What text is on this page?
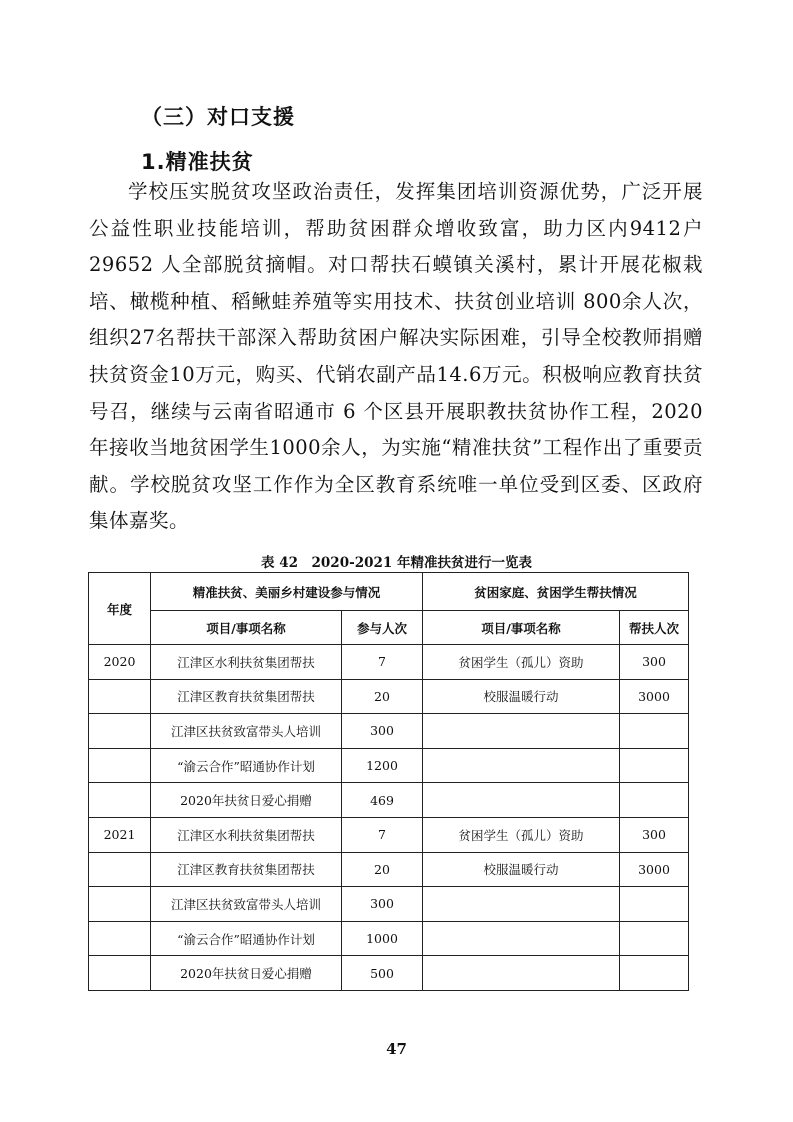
（三）对口支援
1.精准扶贫

学校压实脱贫攻坚政治责任，发挥集团培训资源优势，广泛开展公益性职业技能培训，帮助贫困群众增收致富，助力区内9412户 29652 人全部脱贫摘帽。对口帮扶石蟆镇关溪村，累计开展花椒栽培、橄榄种植、稻鳅蛙养殖等实用技术、扶贫创业培训 800余人次，组织27名帮扶干部深入帮助贫困户解决实际困难，引导全校教师捐赠扶贫资金10万元，购买、代销农副产品14.6万元。积极响应教育扶贫号召，继续与云南省昭通市 6 个区县开展职教扶贫协作工程，2020年接收当地贫困学生1000余人，为实施“精准扶贫”工程作出了重要贡献。学校脱贫攻坚工作作为全区教育系统唯一单位受到区委、区政府集体嘉奖。

表 42　2020-2021 年精准扶贫进行一览表
年度	精准扶贫、美丽乡村建设参与情况		贫困家庭、贫困学生帮扶情况	
	项目/事项名称	参与人次	项目/事项名称	帮扶人次
2020	江津区水利扶贫集团帮扶	7	贫困学生（孤儿）资助	300
	江津区教育扶贫集团帮扶	20	校服温暖行动	3000
	江津区扶贫致富带头人培训	300		
	“渝云合作”昭通协作计划	1200		
	2020年扶贫日爱心捐赠	469		
2021	江津区水利扶贫集团帮扶	7	贫困学生（孤儿）资助	300
	江津区教育扶贫集团帮扶	20	校服温暖行动	3000
	江津区扶贫致富带头人培训	300		
	“渝云合作”昭通协作计划	1000		
	2020年扶贫日爱心捐赠	500		
47
